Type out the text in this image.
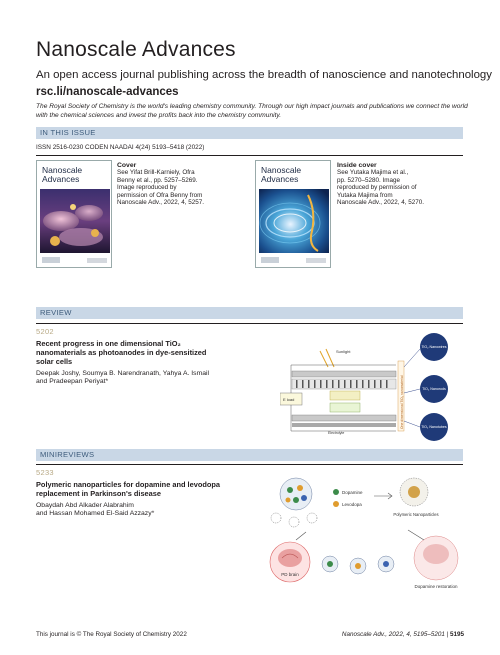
Nanoscale Advances
An open access journal publishing across the breadth of nanoscience and nanotechnology
rsc.li/nanoscale-advances
The Royal Society of Chemistry is the world's leading chemistry community. Through our high impact journals and publications we connect the world with the chemical sciences and invest the profits back into the chemistry community.
IN THIS ISSUE
ISSN 2516-0230 CODEN NAADAI 4(24) 5193–5418 (2022)
Nanoscale
Advances
Cover
See Yifat Brill-Karniely, Ofra
Benny et al., pp. 5257–5269.
Image reproduced by
permission of Ofra Benny from
Nanoscale Adv., 2022, 4, 5257.
Nanoscale
Advances
Inside cover
See Yutaka Majima et al.,
pp. 5270–5280. Image
reproduced by permission of
Yutaka Majima from
Nanoscale Adv., 2022, 4, 5270.
REVIEW
5202
Recent progress in one dimensional TiO₂
nanomaterials as photoanodes in dye-sensitized
solar cells
Deepak Joshy, Soumya B. Narendranath, Yahya A. Ismail
and Pradeepan Periyat*
Sunlight
Electrolyte
E load	One dimensional TiO₂ nanomaterial
TiO₂ Nanowires
TiO₂ Nanorods
TiO₂ Nanotubes
MINIREVIEWS
5233
Polymeric nanoparticles for dopamine and levodopa
replacement in Parkinson's disease
Obaydah Abd Alkader Alabrahim
and Hassan Mohamed El-Said Azzazy*
Dopamine
Levodopa
Polymeric Nanoparticles
PD brain
Dopamine restoration
This journal is © The Royal Society of Chemistry 2022	Nanoscale Adv., 2022, 4, 5195–5201 | 5195
